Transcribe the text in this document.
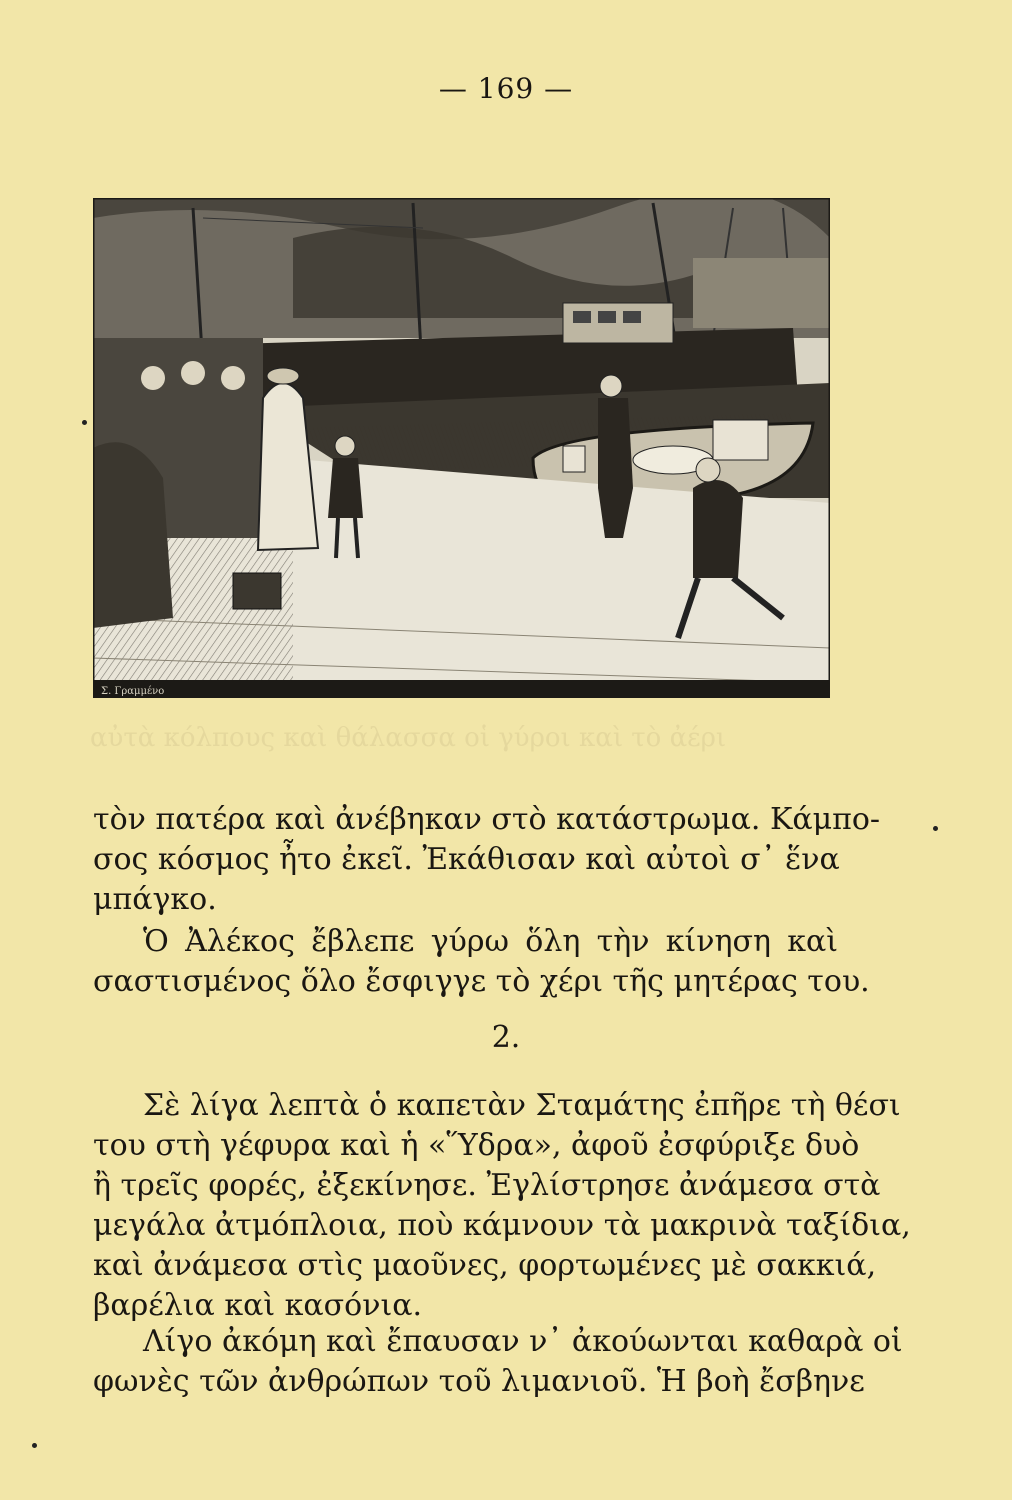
— 169 —
Σ. Γραμμένο
αὐτὰ κόλπους καὶ θάλασσα οἱ γύροι καὶ τὸ ἀέρι
τὸν πατέρα καὶ ἀνέβηκαν στὸ κατάστρωμα. Κάμπο-
σος κόσμος ἦτο ἐκεῖ. Ἐκάθισαν καὶ αὐτοὶ σ᾽ ἕνα
μπάγκο.
Ὁ Ἀλέκος ἔβλεπε γύρω ὅλη τὴν κίνηση καὶ
σαστισμένος ὅλο ἔσφιγγε τὸ χέρι τῆς μητέρας του.
2.
Σὲ λίγα λεπτὰ ὁ καπετὰν Σταμάτης ἐπῆρε τὴ θέσι
του στὴ γέφυρα καὶ ἡ «Ὕδρα», ἀφοῦ ἐσφύριξε δυὸ
ἢ τρεῖς φορές, ἐξεκίνησε. Ἐγλίστρησε ἀνάμεσα στὰ
μεγάλα ἀτμόπλοια, ποὺ κάμνουν τὰ μακρινὰ ταξίδια,
καὶ ἀνάμεσα στὶς μαοῦνες, φορτωμένες μὲ σακκιά,
βαρέλια καὶ κασόνια.
Λίγο ἀκόμη καὶ ἔπαυσαν ν᾽ ἀκούωνται καθαρὰ οἱ
φωνὲς τῶν ἀνθρώπων τοῦ λιμανιοῦ. Ἡ βοὴ ἔσβηνε
